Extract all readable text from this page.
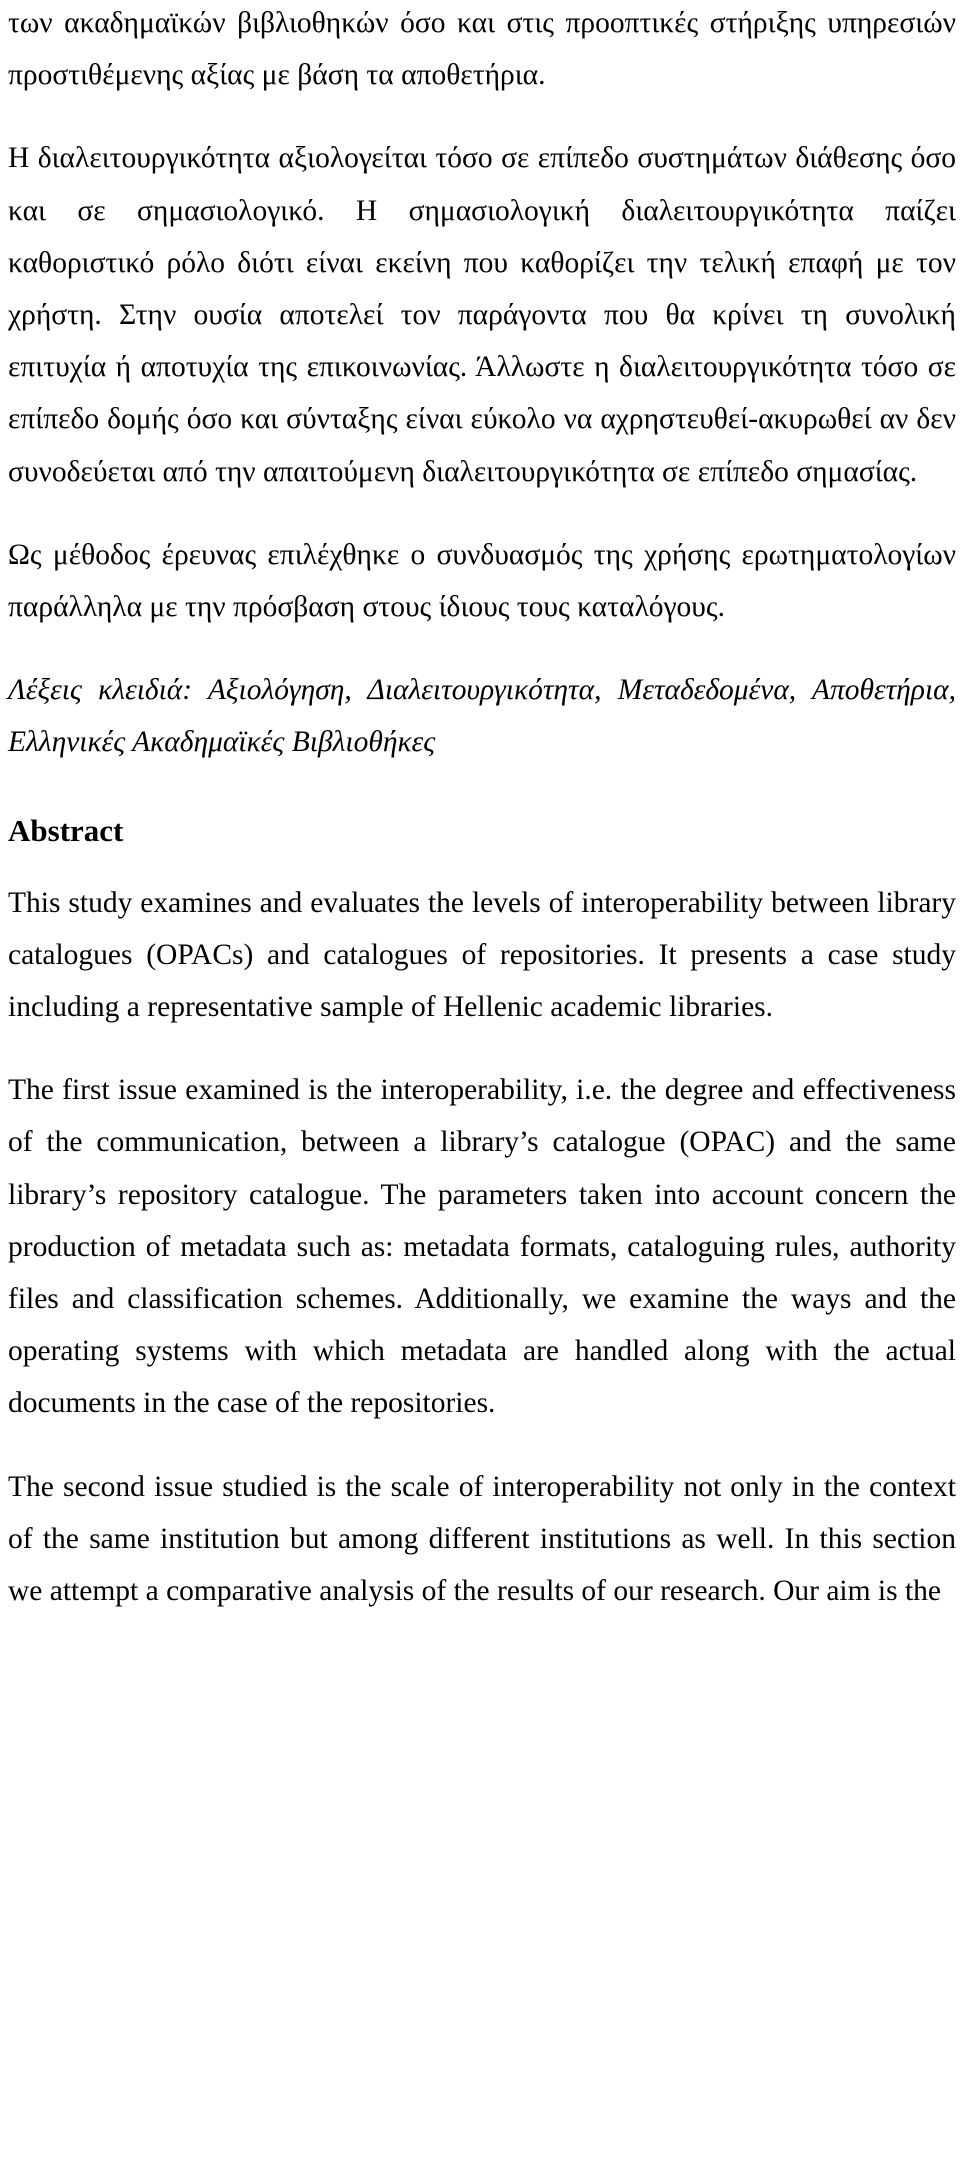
των ακαδημαϊκών βιβλιοθηκών όσο και στις προοπτικές στήριξης υπηρεσιών προστιθέμενης αξίας με βάση τα αποθετήρια.

Η διαλειτουργικότητα αξιολογείται τόσο σε επίπεδο συστημάτων διάθεσης όσο και σε σημασιολογικό. Η σημασιολογική διαλειτουργικότητα παίζει καθοριστικό ρόλο διότι είναι εκείνη που καθορίζει την τελική επαφή με τον χρήστη. Στην ουσία αποτελεί τον παράγοντα που θα κρίνει τη συνολική επιτυχία ή αποτυχία της επικοινωνίας. Άλλωστε η διαλειτουργικότητα τόσο σε επίπεδο δομής όσο και σύνταξης είναι εύκολο να αχρηστευθεί-ακυρωθεί αν δεν συνοδεύεται από την απαιτούμενη διαλειτουργικότητα σε επίπεδο σημασίας.

Ως μέθοδος έρευνας επιλέχθηκε ο συνδυασμός της χρήσης ερωτηματολογίων παράλληλα με την πρόσβαση στους ίδιους τους καταλόγους.

Λέξεις κλειδιά: Αξιολόγηση, Διαλειτουργικότητα, Μεταδεδομένα, Αποθετήρια, Ελληνικές Ακαδημαϊκές Βιβλιοθήκες

Abstract

This study examines and evaluates the levels of interoperability between library catalogues (OPACs) and catalogues of repositories. It presents a case study including a representative sample of Hellenic academic libraries.

The first issue examined is the interoperability, i.e. the degree and effectiveness of the communication, between a library’s catalogue (OPAC) and the same library’s repository catalogue. The parameters taken into account concern the production of metadata such as: metadata formats, cataloguing rules, authority files and classification schemes. Additionally, we examine the ways and the operating systems with which metadata are handled along with the actual documents in the case of the repositories.

The second issue studied is the scale of interoperability not only in the context of the same institution but among different institutions as well. In this section we attempt a comparative analysis of the results of our research. Our aim is the
